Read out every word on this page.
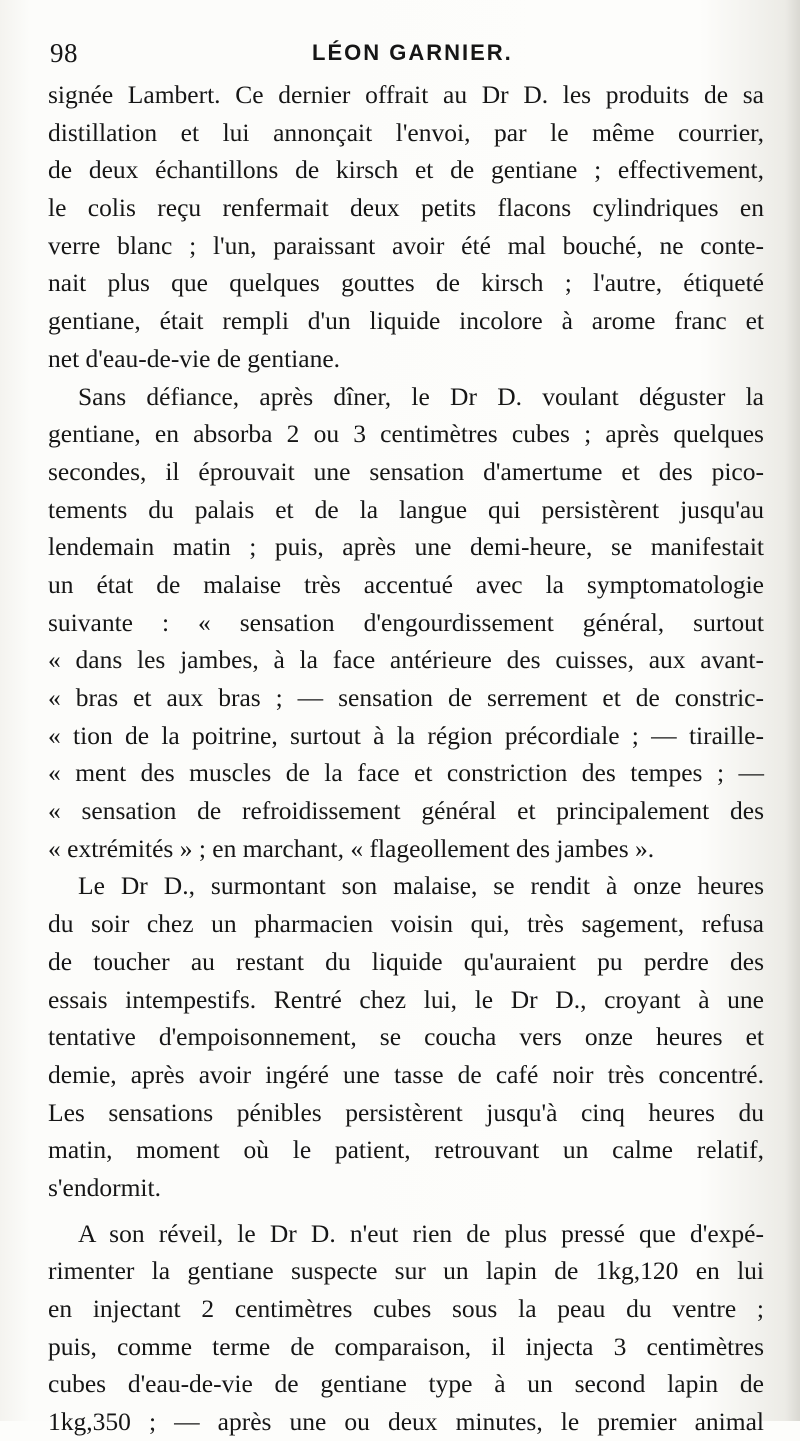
98	LÉON GARNIER.
signée Lambert. Ce dernier offrait au Dr D. les produits de sa
distillation et lui annonçait l'envoi, par le même courrier,
de deux échantillons de kirsch et de gentiane ; effectivement,
le colis reçu renfermait deux petits flacons cylindriques en
verre blanc ; l'un, paraissant avoir été mal bouché, ne conte-
nait plus que quelques gouttes de kirsch ; l'autre, étiqueté
gentiane, était rempli d'un liquide incolore à arome franc et
net d'eau-de-vie de gentiane.
Sans défiance, après dîner, le Dr D. voulant déguster la
gentiane, en absorba 2 ou 3 centimètres cubes ; après quelques
secondes, il éprouvait une sensation d'amertume et des pico-
tements du palais et de la langue qui persistèrent jusqu'au
lendemain matin ; puis, après une demi-heure, se manifestait
un état de malaise très accentué avec la symptomatologie
suivante : « sensation d'engourdissement général, surtout
« dans les jambes, à la face antérieure des cuisses, aux avant-
« bras et aux bras ; — sensation de serrement et de constric-
« tion de la poitrine, surtout à la région précordiale ; — tiraille-
« ment des muscles de la face et constriction des tempes ; —
« sensation de refroidissement général et principalement des
« extrémités » ; en marchant, « flageollement des jambes ».
Le Dr D., surmontant son malaise, se rendit à onze heures
du soir chez un pharmacien voisin qui, très sagement, refusa
de toucher au restant du liquide qu'auraient pu perdre des
essais intempestifs. Rentré chez lui, le Dr D., croyant à une
tentative d'empoisonnement, se coucha vers onze heures et
demie, après avoir ingéré une tasse de café noir très concentré.
Les sensations pénibles persistèrent jusqu'à cinq heures du
matin, moment où le patient, retrouvant un calme relatif,
s'endormit.
A son réveil, le Dr D. n'eut rien de plus pressé que d'expé-
rimenter la gentiane suspecte sur un lapin de 1kg,120 en lui
en injectant 2 centimètres cubes sous la peau du ventre ;
puis, comme terme de comparaison, il injecta 3 centimètres
cubes d'eau-de-vie de gentiane type à un second lapin de
1kg,350 ; — après une ou deux minutes, le premier animal
